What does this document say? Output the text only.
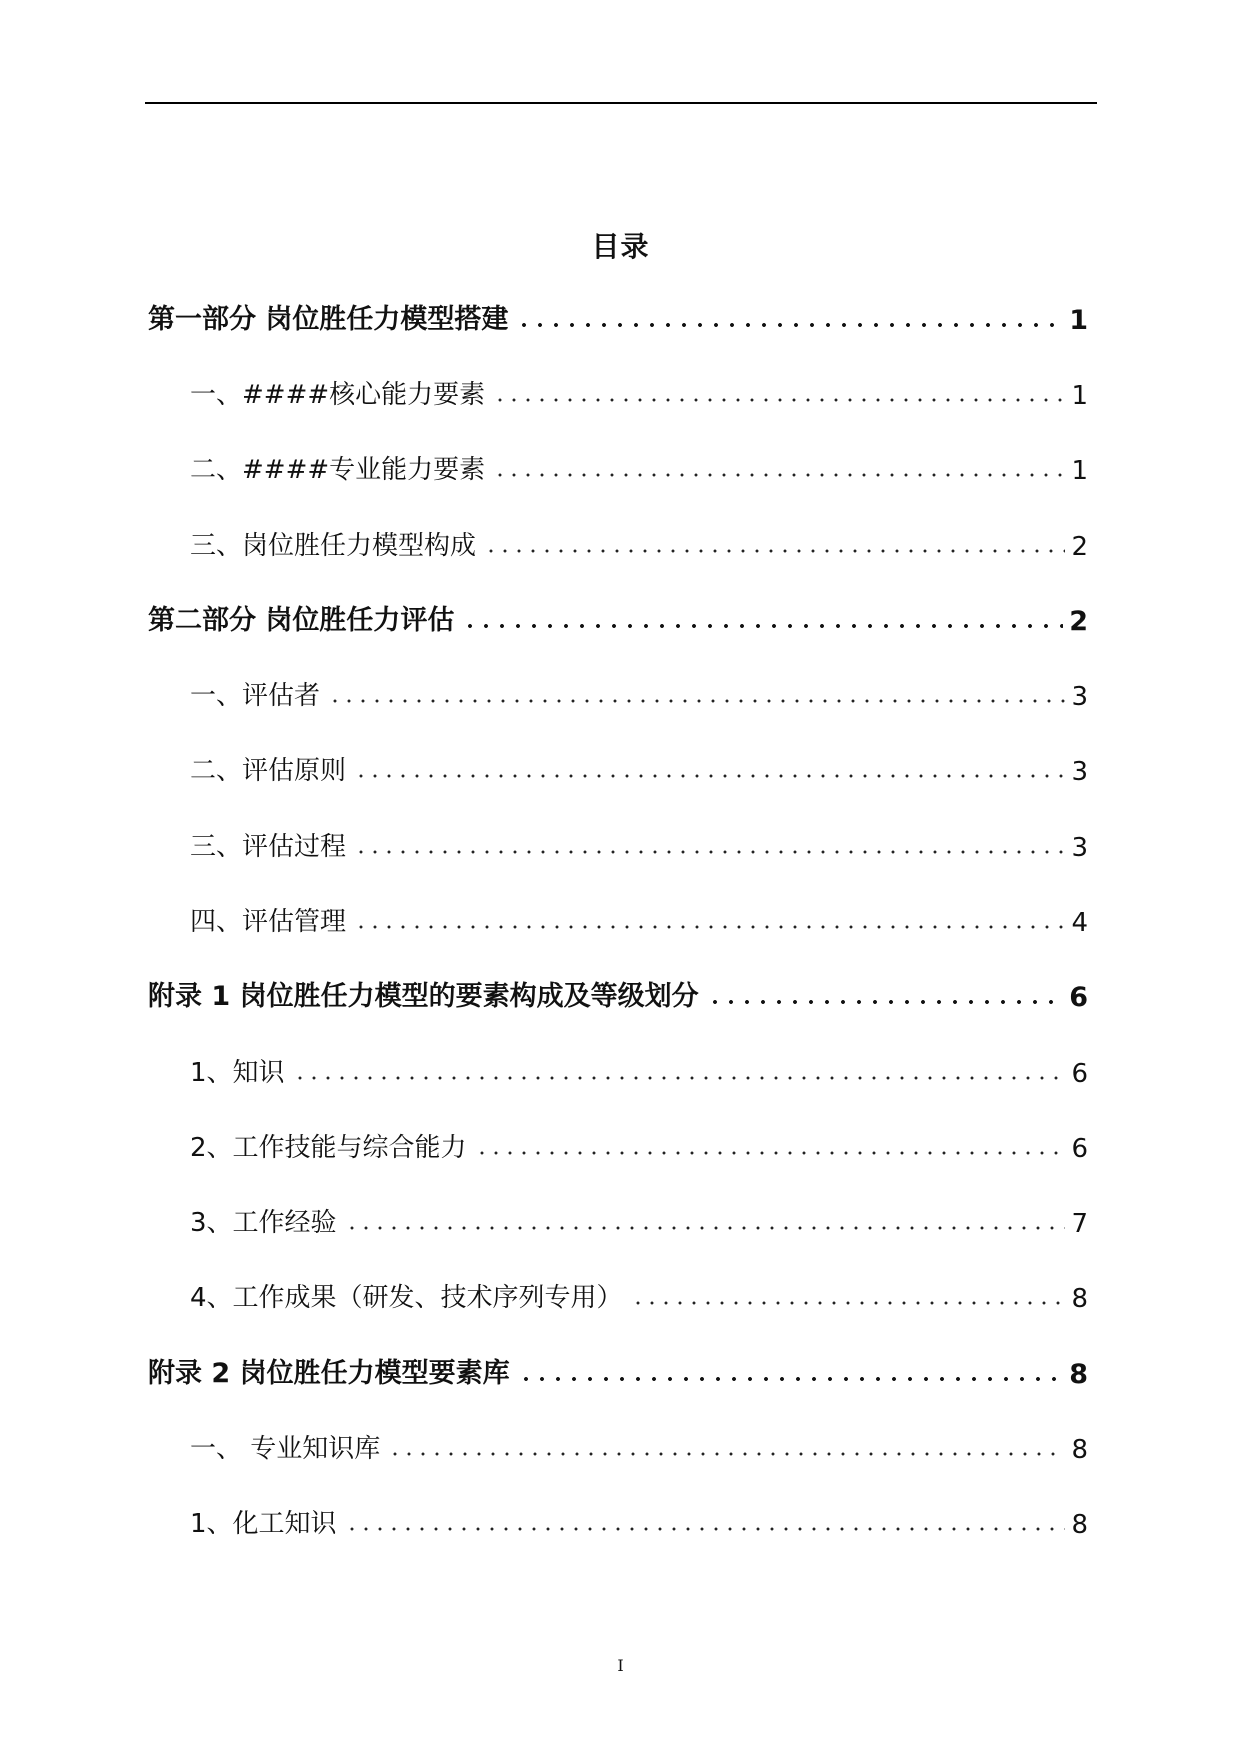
目录
第一部分 岗位胜任力模型搭建	1
一、####核心能力要素	1
二、####专业能力要素	1
三、岗位胜任力模型构成	2
第二部分 岗位胜任力评估	2
一、评估者	3
二、评估原则	3
三、评估过程	3
四、评估管理	4
附录 1 岗位胜任力模型的要素构成及等级划分	6
1、知识	6
2、工作技能与综合能力	6
3、工作经验	7
4、工作成果（研发、技术序列专用）	8
附录 2 岗位胜任力模型要素库	8
一、 专业知识库	8
1、化工知识	8
I
